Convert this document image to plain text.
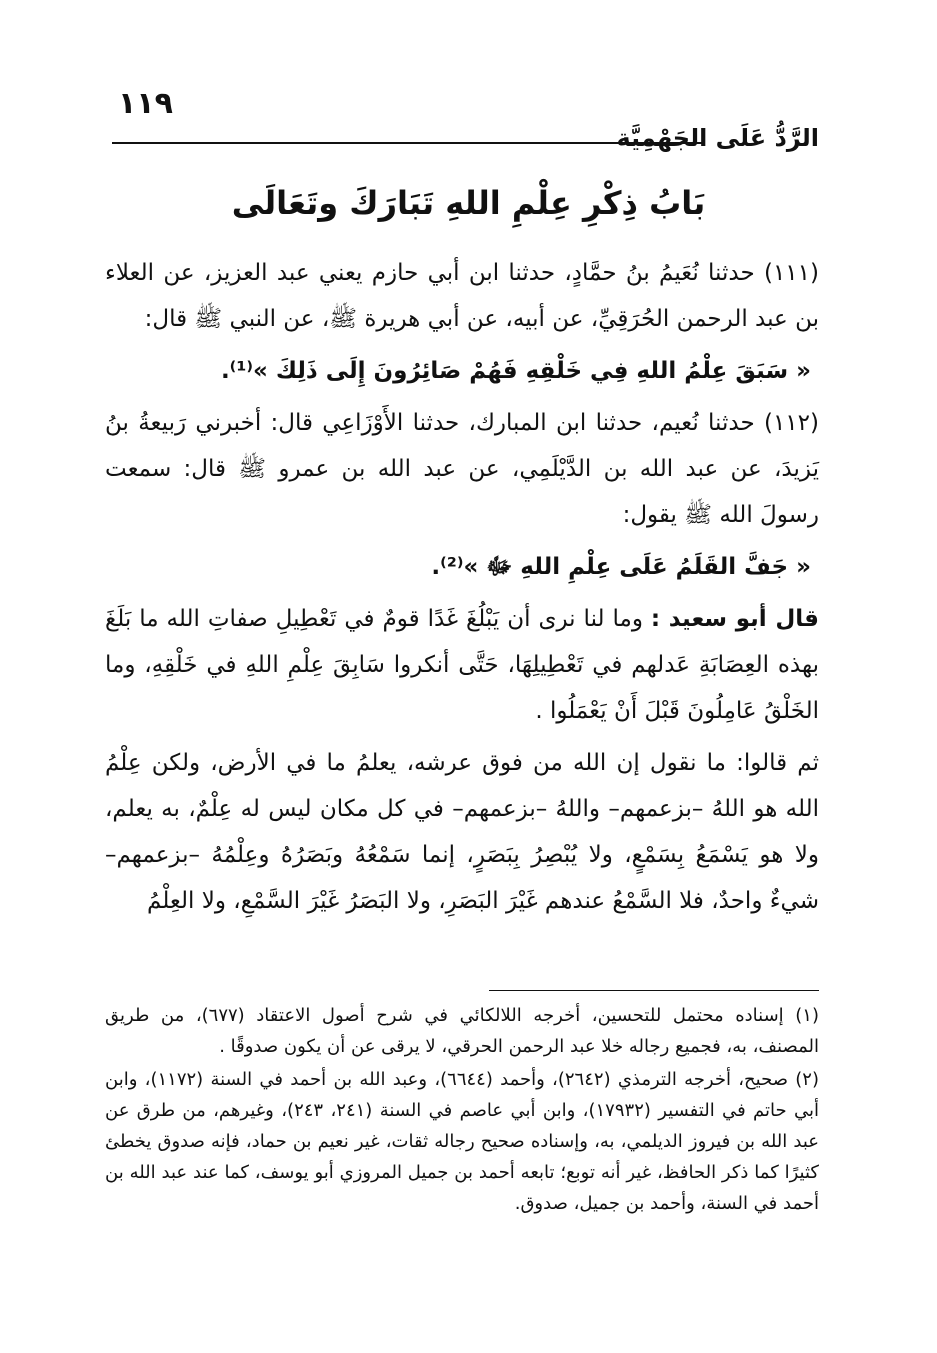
١١٩
الرَّدُّ عَلَى الجَهْمِيَّة
بَابُ ذِكْرِ عِلْمِ اللهِ تَبَارَكَ وتَعَالَى

(١١١) حدثنا نُعَيمُ بنُ حمَّادٍ، حدثنا ابن أبي حازم يعني عبد العزيز، عن العلاء بن عبد الرحمن الحُرَقِيِّ، عن أبيه، عن أبي هريرة ﷺ، عن النبي ﷺ قال:

« سَبَقَ عِلْمُ اللهِ فِي خَلْقِهِ فَهُمْ صَائِرُونَ إِلَى ذَلِكَ »⁽¹⁾.

(١١٢) حدثنا نُعيم، حدثنا ابن المبارك، حدثنا الأَوْزَاعِي قال: أخبرني رَبيعةُ بنُ يَزيدَ، عن عبد الله بن الدَّيْلَمِي، عن عبد الله بن عمرو ﷺ قال: سمعت رسولَ الله ﷺ يقول:

« جَفَّ القَلَمُ عَلَى عِلْمِ اللهِ ﷻ »⁽²⁾.

قال أبو سعيد : وما لنا نرى أن يَبْلُغَ غَدًا قومٌ في تَعْطِيلِ صفاتِ الله ما بَلَغَ بهذه العِصَابَةِ عَدلهم في تَعْطِيلِهَا، حَتَّى أنكروا سَابِقَ عِلْمِ اللهِ في خَلْقِهِ، وما الخَلْقُ عَامِلُونَ قَبْلَ أَنْ يَعْمَلُوا .

ثم قالوا: ما نقول إن الله من فوق عرشه، يعلمُ ما في الأرض، ولكن عِلْمُ الله هو اللهُ –بزعمهم– واللهُ –بزعمهم– في كل مكان ليس له عِلْمٌ، به يعلم، ولا هو يَسْمَعُ بِسَمْعٍ، ولا يُبْصِرُ بِبَصَرٍ، إنما سَمْعُهُ وبَصَرُهُ وعِلْمُهُ –بزعمهم– شيءٌ واحدٌ، فلا السَّمْعُ عندهم غَيْرَ البَصَرِ، ولا البَصَرُ غَيْرَ السَّمْعِ، ولا العِلْمُ

(١) إسناده محتمل للتحسين، أخرجه اللالكائي في شرح أصول الاعتقاد (٦٧٧)، من طريق المصنف، به، فجميع رجاله خلا عبد الرحمن الحرقي، لا يرقى عن أن يكون صدوقًا .

(٢) صحيح، أخرجه الترمذي (٢٦٤٢)، وأحمد (٦٦٤٤)، وعبد الله بن أحمد في السنة (١١٧٢)، وابن أبي حاتم في التفسير (١٧٩٣٢)، وابن أبي عاصم في السنة (٢٤١، ٢٤٣)، وغيرهم، من طرق عن عبد الله بن فيروز الديلمي، به، وإسناده صحيح رجاله ثقات، غير نعيم بن حماد، فإنه صدوق يخطئ كثيرًا كما ذكر الحافظ، غير أنه توبع؛ تابعه أحمد بن جميل المروزي أبو يوسف، كما عند عبد الله بن أحمد في السنة، وأحمد بن جميل، صدوق.
